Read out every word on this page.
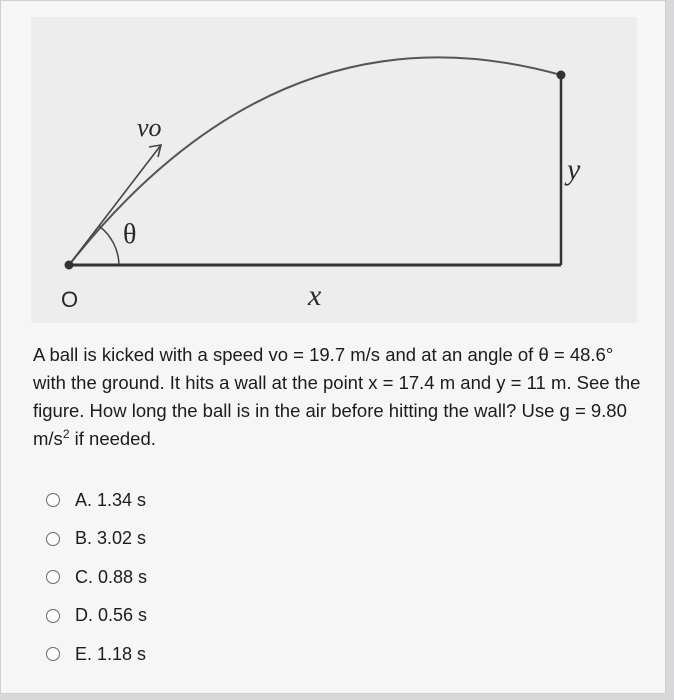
vo
θ
y
x
O
A ball is kicked with a speed vo = 19.7 m/s and at an angle of θ = 48.6° with the ground. It hits a wall at the point x = 17.4 m and y = 11 m. See the figure. How long the ball is in the air before hitting the wall? Use g = 9.80 $m/s^2$ if needed.
A. 1.34 s
B. 3.02 s
C. 0.88 s
D. 0.56 s
E. 1.18 s
